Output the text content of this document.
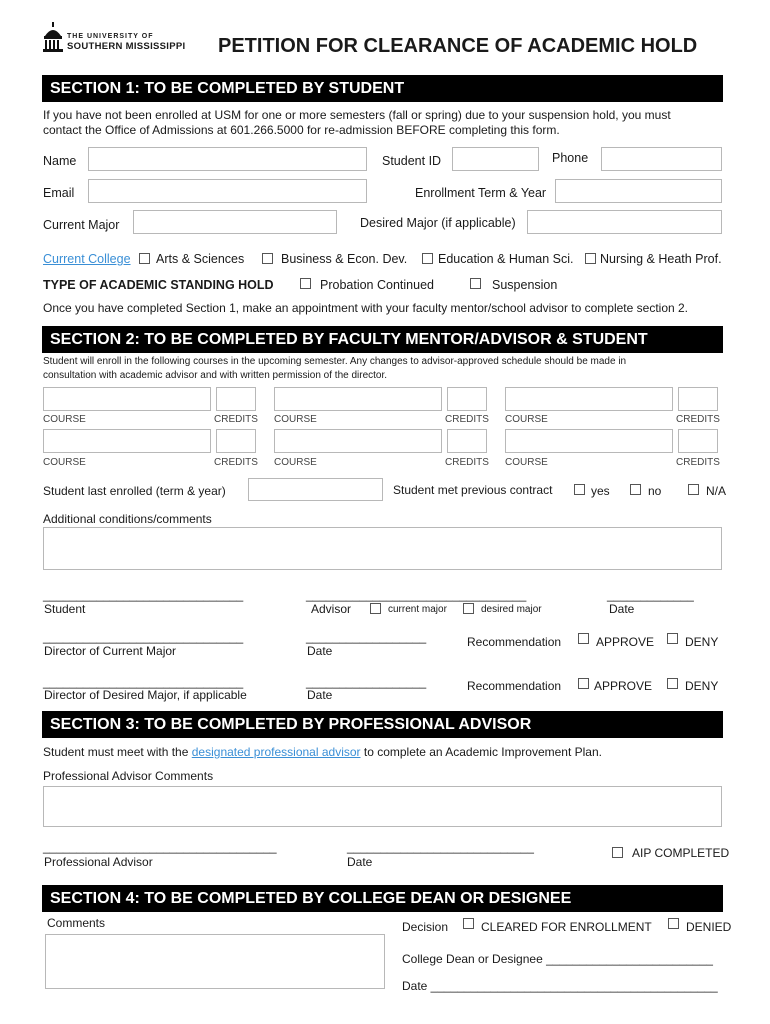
THE UNIVERSITY OF
SOUTHERN MISSISSIPPI PETITION FOR CLEARANCE OF ACADEMIC HOLD
SECTION 1: TO BE COMPLETED BY STUDENT
If you have not been enrolled at USM for one or more semesters (fall or spring) due to your suspension hold, you must
contact the Office of Admissions at 601.266.5000 for re-admission BEFORE completing this form.
Name	Student ID	Phone
Email	Enrollment Term & Year
Current Major	Desired Major (if applicable)
Current College Arts & Sciences	Business & Econ. Dev. Education & Human Sci. Nursing & Heath Prof.
TYPE OF ACADEMIC STANDING HOLD	Probation Continued	Suspension
Once you have completed Section 1, make an appointment with your faculty mentor/school advisor to complete section 2.
SECTION 2: TO BE COMPLETED BY FACULTY MENTOR/ADVISOR & STUDENT
Student will enroll in the following courses in the upcoming semester. Any changes to advisor-approved schedule should be made in
consultation with academic advisor and with written permission of the director.
COURSE	CREDITS COURSE	CREDITS COURSE	CREDITS
COURSE	CREDITS COURSE	CREDITS COURSE	CREDITS
Student last enrolled (term & year)	Student met previous contract	yes	no	N/A
Additional conditions/comments
______________________________	_________________________________	_____________
Student	Advisor	current major	desired major	Date
______________________________	__________________	Recommendation	APPROVE	DENY
Director of Current Major	Date
______________________________	__________________	Recommendation	APPROVE	DENY
Director of Desired Major, if applicable	Date
SECTION 3: TO BE COMPLETED BY PROFESSIONAL ADVISOR
Student must meet with the designated professional advisor to complete an Academic Improvement Plan.
Professional Advisor Comments
___________________________________	____________________________	AIP COMPLETED
Professional Advisor	Date
SECTION 4: TO BE COMPLETED BY COLLEGE DEAN OR DESIGNEE
Comments	Decision	CLEARED FOR ENROLLMENT	DENIED
College Dean or Designee _________________________
Date ___________________________________________
